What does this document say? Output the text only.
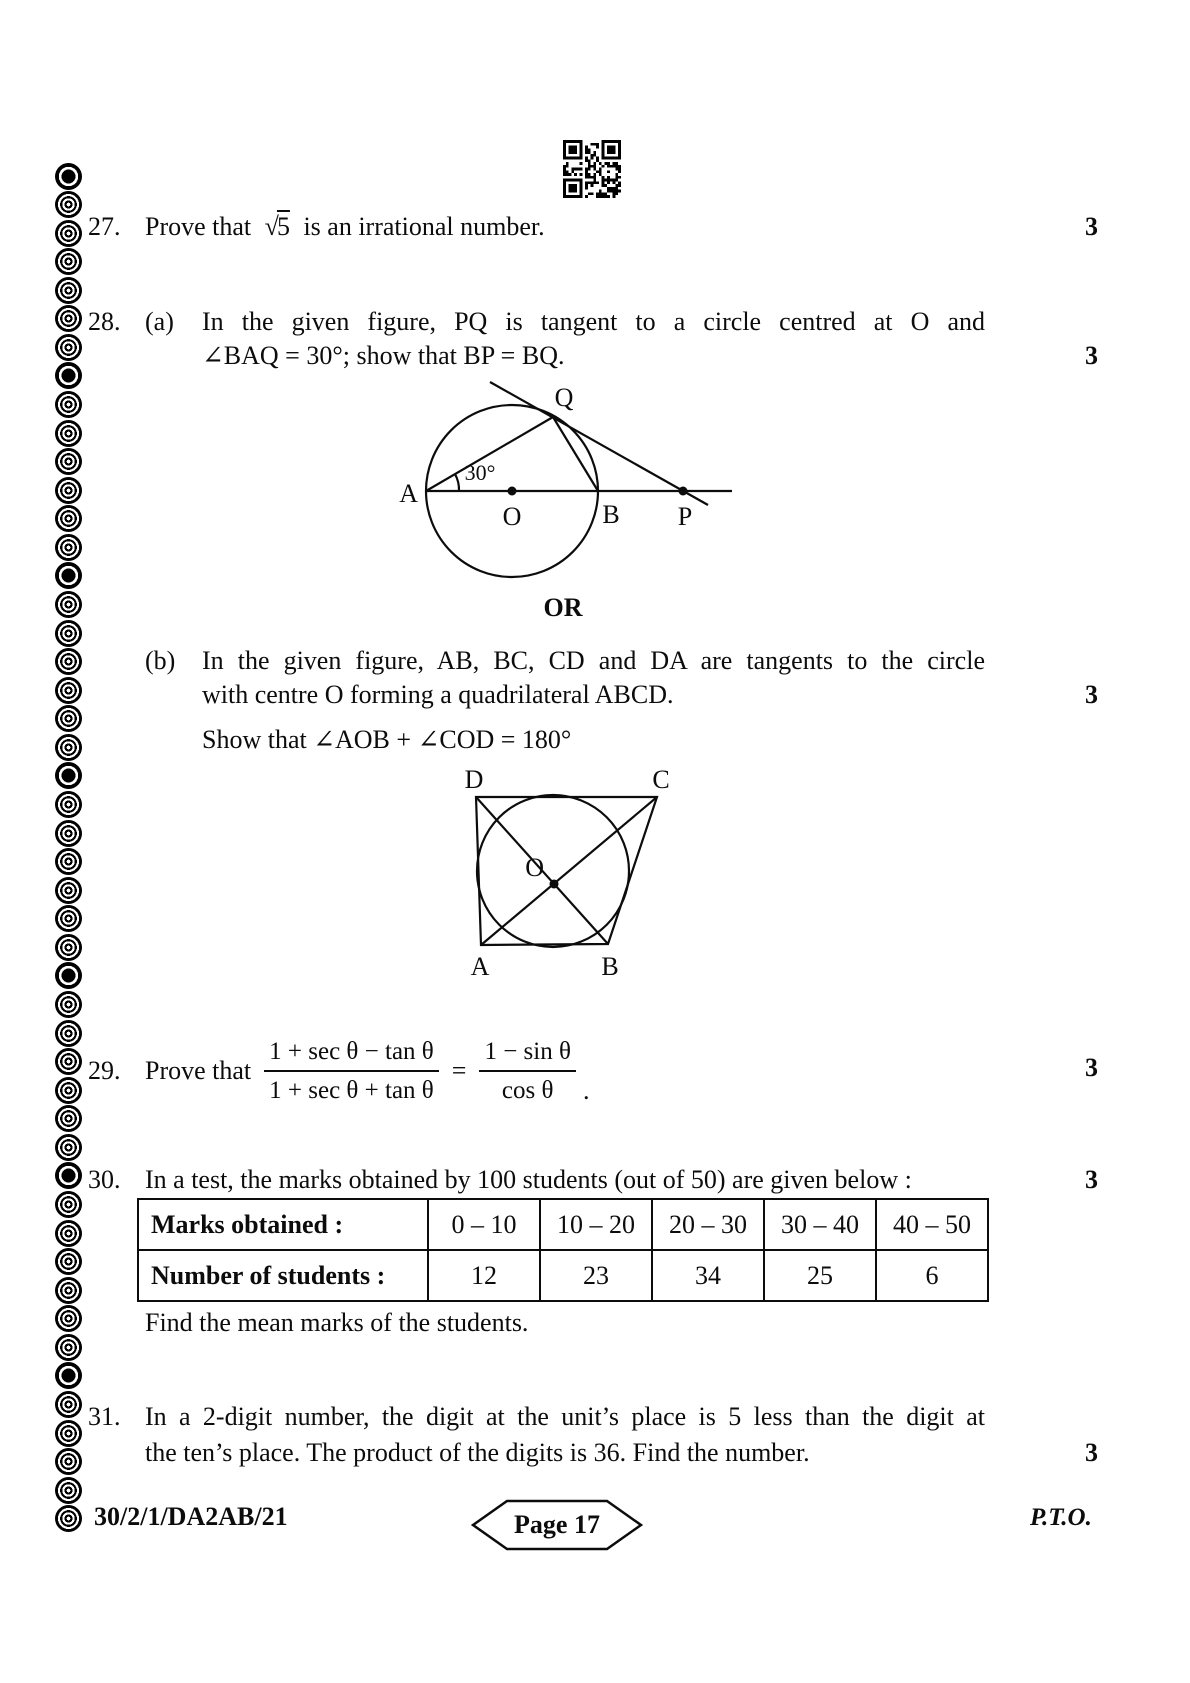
27. Prove that √5 is an irrational number.	3
28. (a) In the given figure, PQ is tangent to a circle centred at O and
∠BAQ = 30°; show that BP = BQ.	3
A
O	B P
Q
30°
OR
(b) In the given figure, AB, BC, CD and DA are tangents to the circle
with centre O forming a quadrilateral ABCD.	3
Show that ∠AOB + ∠COD = 180°
D	C
A	B
O
29. Prove that $\frac{\text{1 + sec θ − tan θ}}{\text{1 + sec θ + tan θ}} = \frac{\text{1 − sin θ}}{\text{cos θ}}$ .
3
30. In a test, the marks obtained by 100 students (out of 50) are given below :	3
Marks obtained :	0 – 10	10 – 20	20 – 30	30 – 40	40 – 50
Number of students :	12	23	34	25	6
Find the mean marks of the students.
31. In a 2-digit number, the digit at the unit’s place is 5 less than the digit at
the ten’s place. The product of the digits is 36. Find the number.	3
30/2/1/DA2AB/21	Page 17	P.T.O.
